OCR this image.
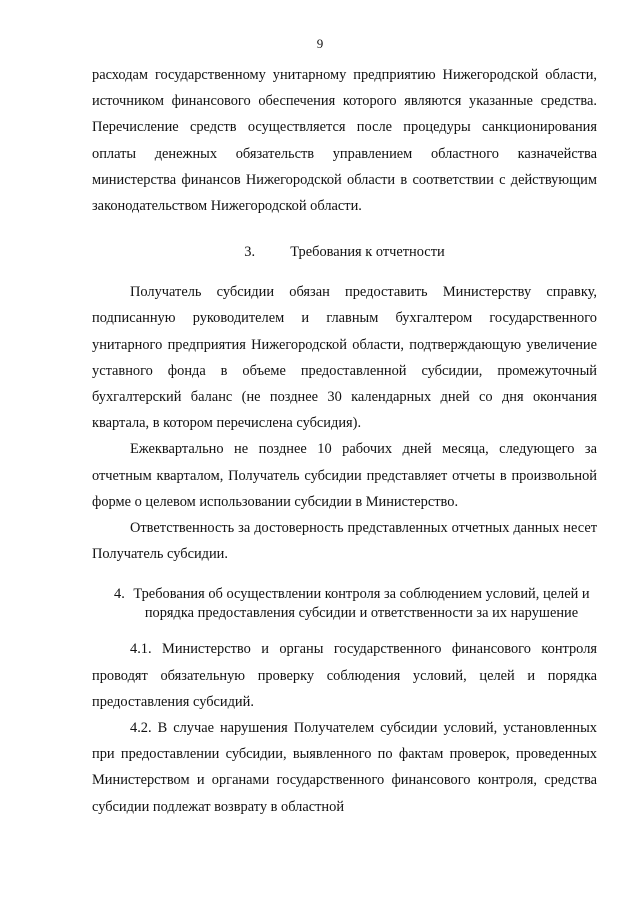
9

расходам государственному унитарному предприятию Нижегородской области, источником финансового обеспечения которого являются указанные средства. Перечисление средств осуществляется после процедуры санкционирования оплаты денежных обязательств управлением областного казначейства министерства финансов Нижегородской области в соответствии с действующим законодательством Нижегородской области.

3.	Требования к отчетности

Получатель субсидии обязан предоставить Министерству справку, подписанную руководителем и главным бухгалтером государственного унитарного предприятия Нижегородской области, подтверждающую увеличение уставного фонда в объеме предоставленной субсидии, промежуточный бухгалтерский баланс (не позднее 30 календарных дней со дня окончания квартала, в котором перечислена субсидия).

Ежеквартально не позднее 10 рабочих дней месяца, следующего за отчетным кварталом, Получатель субсидии представляет отчеты в произвольной форме о целевом использовании субсидии в Министерство.

Ответственность за достоверность представленных отчетных данных несет Получатель субсидии.

4. Требования об осуществлении контроля за соблюдением условий, целей и порядка предоставления субсидии и ответственности за их нарушение

4.1. Министерство и органы государственного финансового контроля проводят обязательную проверку соблюдения условий, целей и порядка предоставления субсидий.

4.2. В случае нарушения Получателем субсидии условий, установленных при предоставлении субсидии, выявленного по фактам проверок, проведенных Министерством и органами государственного финансового контроля, средства субсидии подлежат возврату в областной
